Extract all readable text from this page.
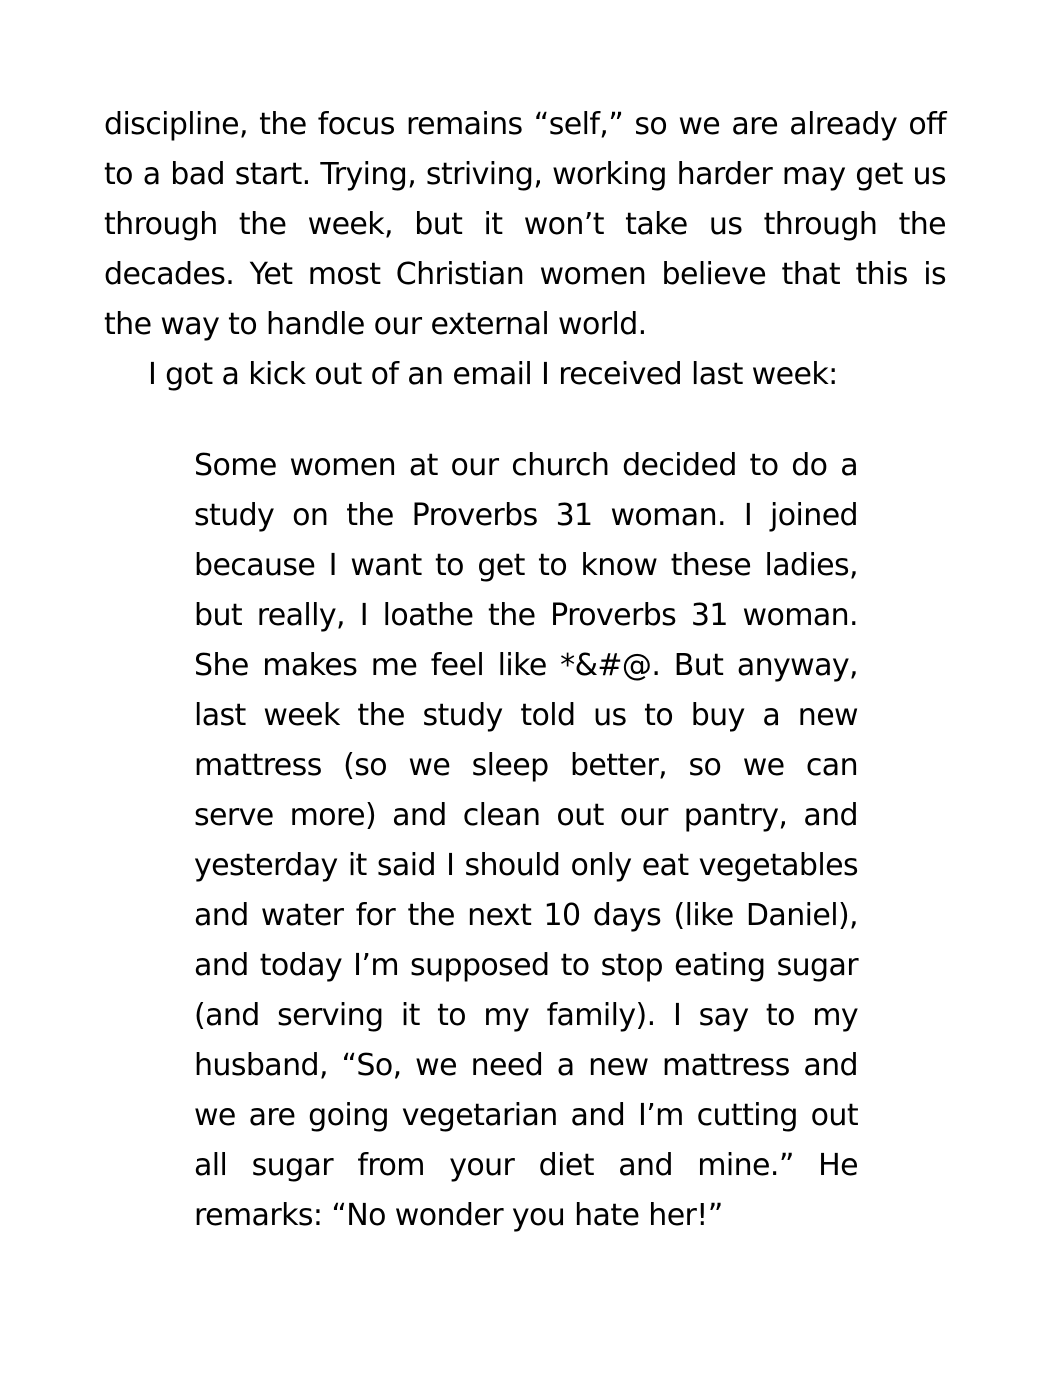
discipline, the focus remains “self,” so we are already off to a bad start. Trying, striving, working harder may get us through the week, but it won’t take us through the decades. Yet most Christian women believe that this is the way to handle our external world.

I got a kick out of an email I received last week:

Some women at our church decided to do a study on the Proverbs 31 woman. I joined because I want to get to know these ladies, but really, I loathe the Proverbs 31 woman. She makes me feel like *&#@. But anyway, last week the study told us to buy a new mattress (so we sleep better, so we can serve more) and clean out our pantry, and yesterday it said I should only eat vegetables and water for the next 10 days (like Daniel), and today I’m supposed to stop eating sugar (and serving it to my family). I say to my husband, “So, we need a new mattress and we are going vegetarian and I’m cutting out all sugar from your diet and mine.” He remarks: “No wonder you hate her!”
